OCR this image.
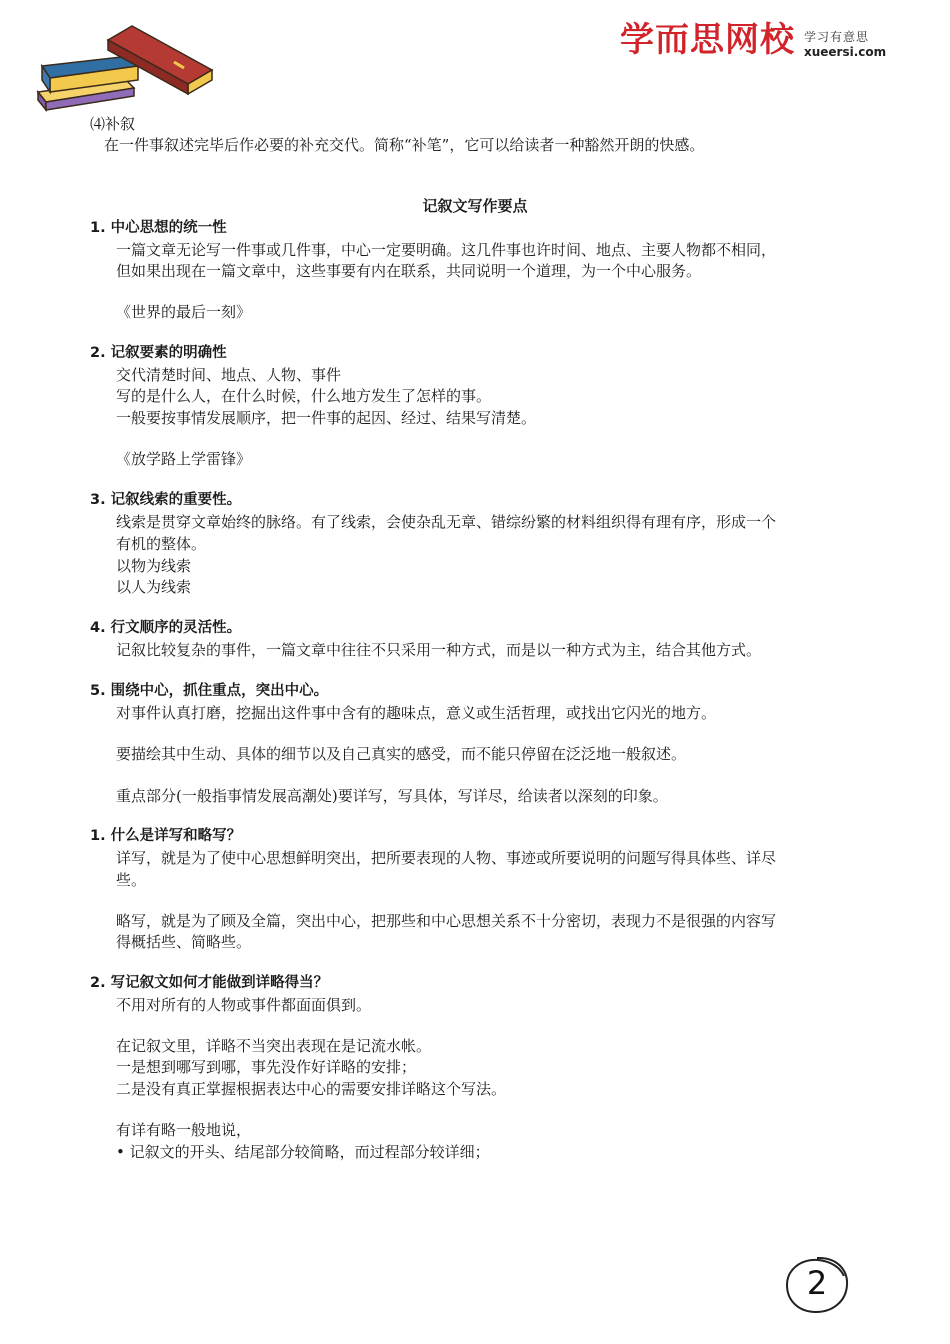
学而思网校 学习有意思
xueersi.com
⑷补叙
在一件事叙述完毕后作必要的补充交代。简称“补笔”，它可以给读者一种豁然开朗的快感。
记叙文写作要点
1. 中心思想的统一性
一篇文章无论写一件事或几件事，中心一定要明确。这几件事也许时间、地点、主要人物都不相同，
但如果出现在一篇文章中，这些事要有内在联系，共同说明一个道理，为一个中心服务。
《世界的最后一刻》
2. 记叙要素的明确性
交代清楚时间、地点、人物、事件
写的是什么人，在什么时候，什么地方发生了怎样的事。
一般要按事情发展顺序，把一件事的起因、经过、结果写清楚。
《放学路上学雷锋》
3. 记叙线索的重要性。
线索是贯穿文章始终的脉络。有了线索，会使杂乱无章、错综纷繁的材料组织得有理有序，形成一个
有机的整体。
以物为线索
以人为线索
4. 行文顺序的灵活性。
记叙比较复杂的事件，一篇文章中往往不只采用一种方式，而是以一种方式为主，结合其他方式。
5. 围绕中心，抓住重点，突出中心。
对事件认真打磨，挖掘出这件事中含有的趣味点，意义或生活哲理，或找出它闪光的地方。
要描绘其中生动、具体的细节以及自己真实的感受，而不能只停留在泛泛地一般叙述。
重点部分(一般指事情发展高潮处)要详写，写具体，写详尽，给读者以深刻的印象。
1. 什么是详写和略写？
详写，就是为了使中心思想鲜明突出，把所要表现的人物、事迹或所要说明的问题写得具体些、详尽
些。
略写，就是为了顾及全篇，突出中心，把那些和中心思想关系不十分密切，表现力不是很强的内容写
得概括些、简略些。
2. 写记叙文如何才能做到详略得当？
不用对所有的人物或事件都面面俱到。
在记叙文里，详略不当突出表现在是记流水帐。
一是想到哪写到哪，事先没作好详略的安排；
二是没有真正掌握根据表达中心的需要安排详略这个写法。
有详有略一般地说，
• 记叙文的开头、结尾部分较简略，而过程部分较详细；
2
